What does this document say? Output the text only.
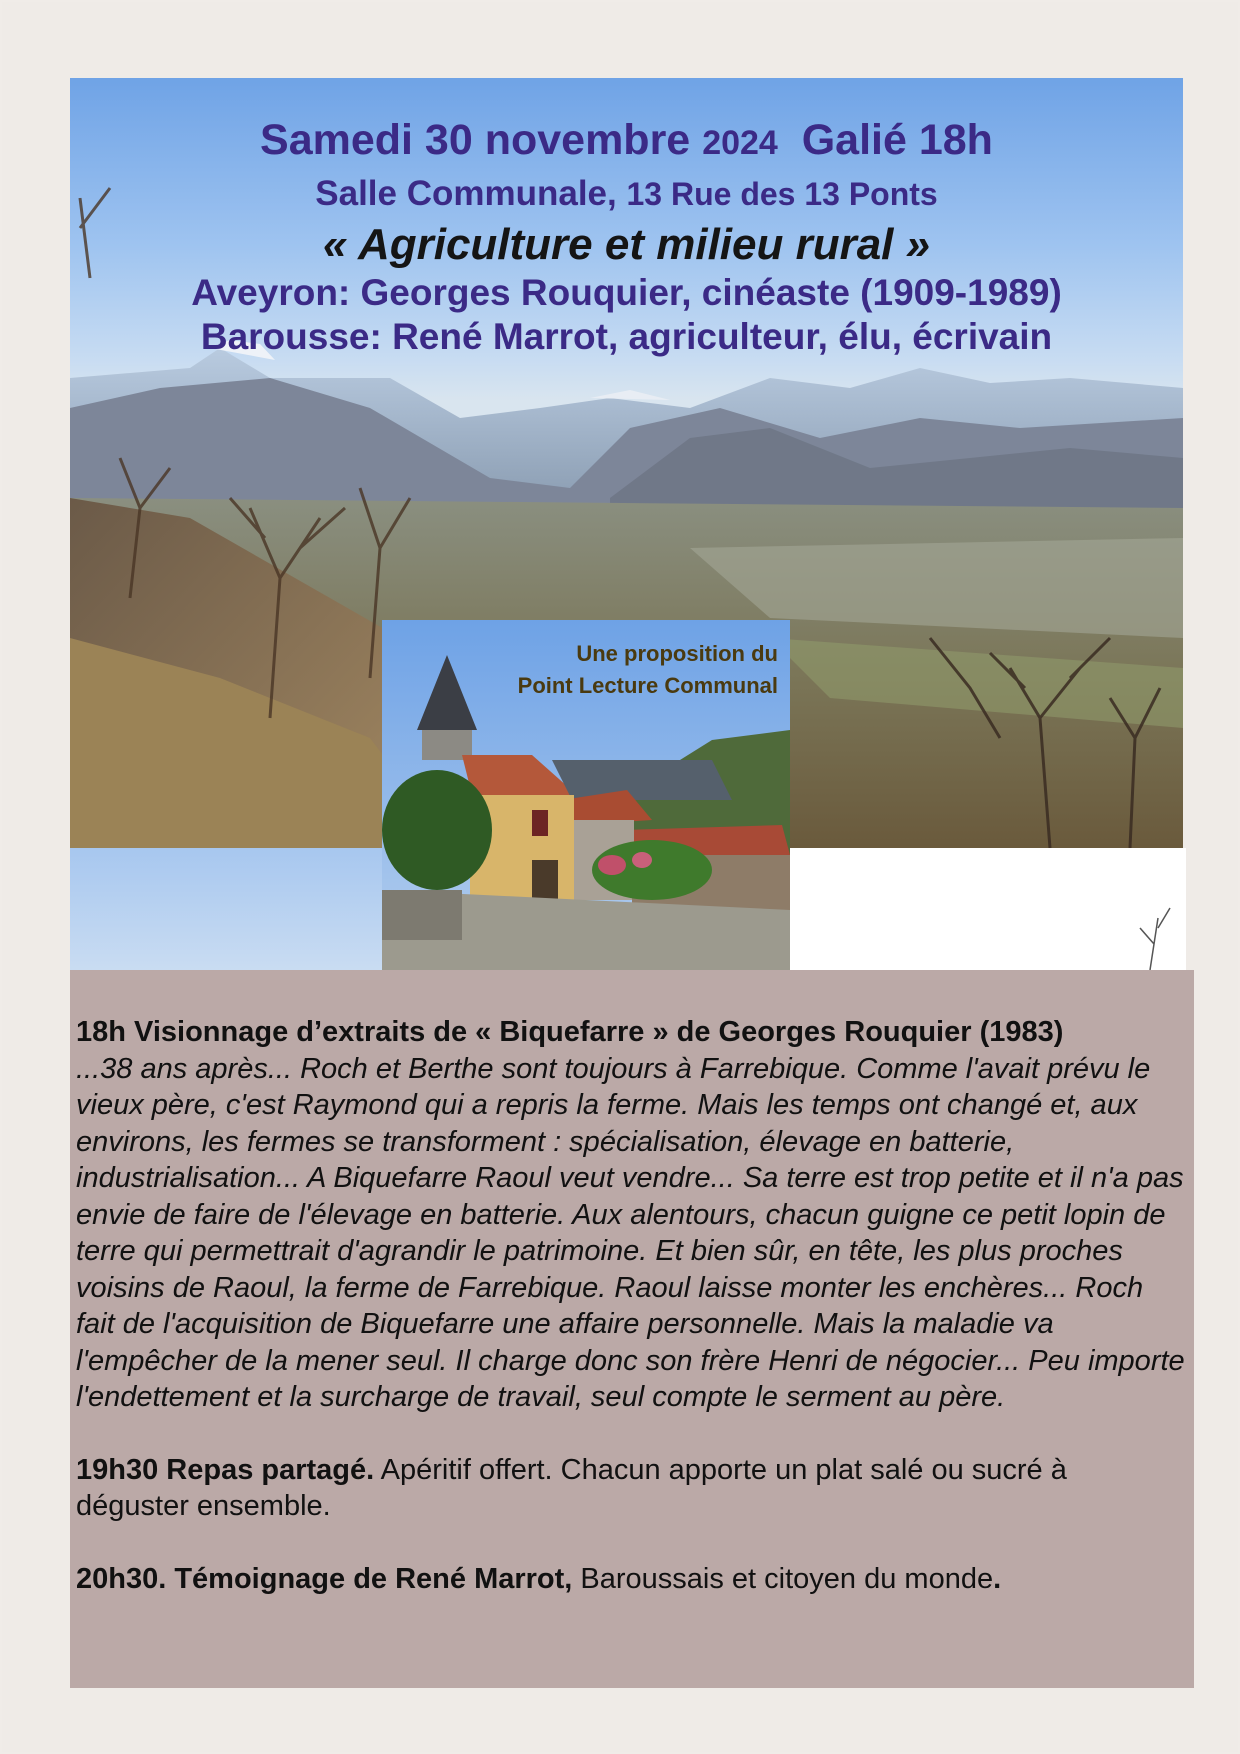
Samedi 30 novembre 2024 Galié 18h
Salle Communale, 13 Rue des 13 Ponts
« Agriculture et milieu rural »
Aveyron: Georges Rouquier, cinéaste (1909-1989)
Barousse: René Marrot, agriculteur, élu, écrivain
Une proposition du
Point Lecture Communal

18h Visionnage d’extraits de « Biquefarre » de Georges Rouquier (1983)

...38 ans après... Roch et Berthe sont toujours à Farrebique. Comme l'avait prévu le vieux père, c'est Raymond qui a repris la ferme. Mais les temps ont changé et, aux environs, les fermes se transforment : spécialisation, élevage en batterie, industrialisation... A Biquefarre Raoul veut vendre... Sa terre est trop petite et il n'a pas envie de faire de l'élevage en batterie. Aux alentours, chacun guigne ce petit lopin de terre qui permettrait d'agrandir le patrimoine. Et bien sûr, en tête, les plus proches voisins de Raoul, la ferme de Farrebique. Raoul laisse monter les enchères... Roch fait de l'acquisition de Biquefarre une affaire personnelle. Mais la maladie va l'empêcher de la mener seul. Il charge donc son frère Henri de négocier... Peu importe l'endettement et la surcharge de travail, seul compte le serment au père.

19h30 Repas partagé. Apéritif offert. Chacun apporte un plat salé ou sucré à déguster ensemble.

20h30. Témoignage de René Marrot, Baroussais et citoyen du monde.
